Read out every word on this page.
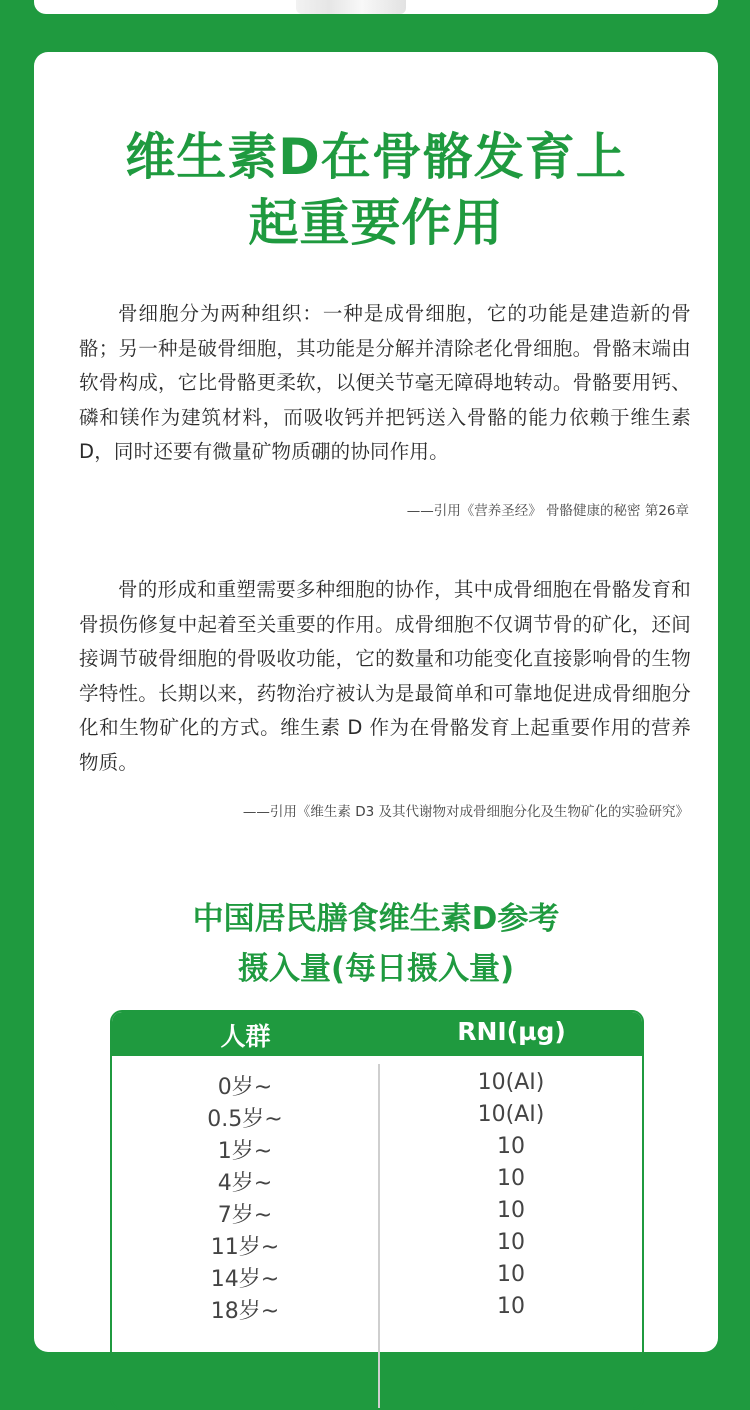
维生素D在骨骼发育上
起重要作用
骨细胞分为两种组织：一种是成骨细胞，它的功能是建造新的骨骼；另一种是破骨细胞，其功能是分解并清除老化骨细胞。骨骼末端由软骨构成，它比骨骼更柔软，以便关节毫无障碍地转动。骨骼要用钙、磷和镁作为建筑材料，而吸收钙并把钙送入骨骼的能力依赖于维生素D，同时还要有微量矿物质硼的协同作用。
——引用《营养圣经》 骨骼健康的秘密 第26章
骨的形成和重塑需要多种细胞的协作，其中成骨细胞在骨骼发育和骨损伤修复中起着至关重要的作用。成骨细胞不仅调节骨的矿化，还间接调节破骨细胞的骨吸收功能，它的数量和功能变化直接影响骨的生物学特性。长期以来，药物治疗被认为是最简单和可靠地促进成骨细胞分化和生物矿化的方式。维生素 D 作为在骨骼发育上起重要作用的营养物质。
——引用《维生素 D3 及其代谢物对成骨细胞分化及生物矿化的实验研究》
中国居民膳食维生素D参考
摄入量(每日摄入量)
人群	RNI(µg)
0岁~	10(AI)
0.5岁~	10(AI)
1岁~	10
4岁~	10
7岁~	10
11岁~	10
14岁~	10
18岁~	10
